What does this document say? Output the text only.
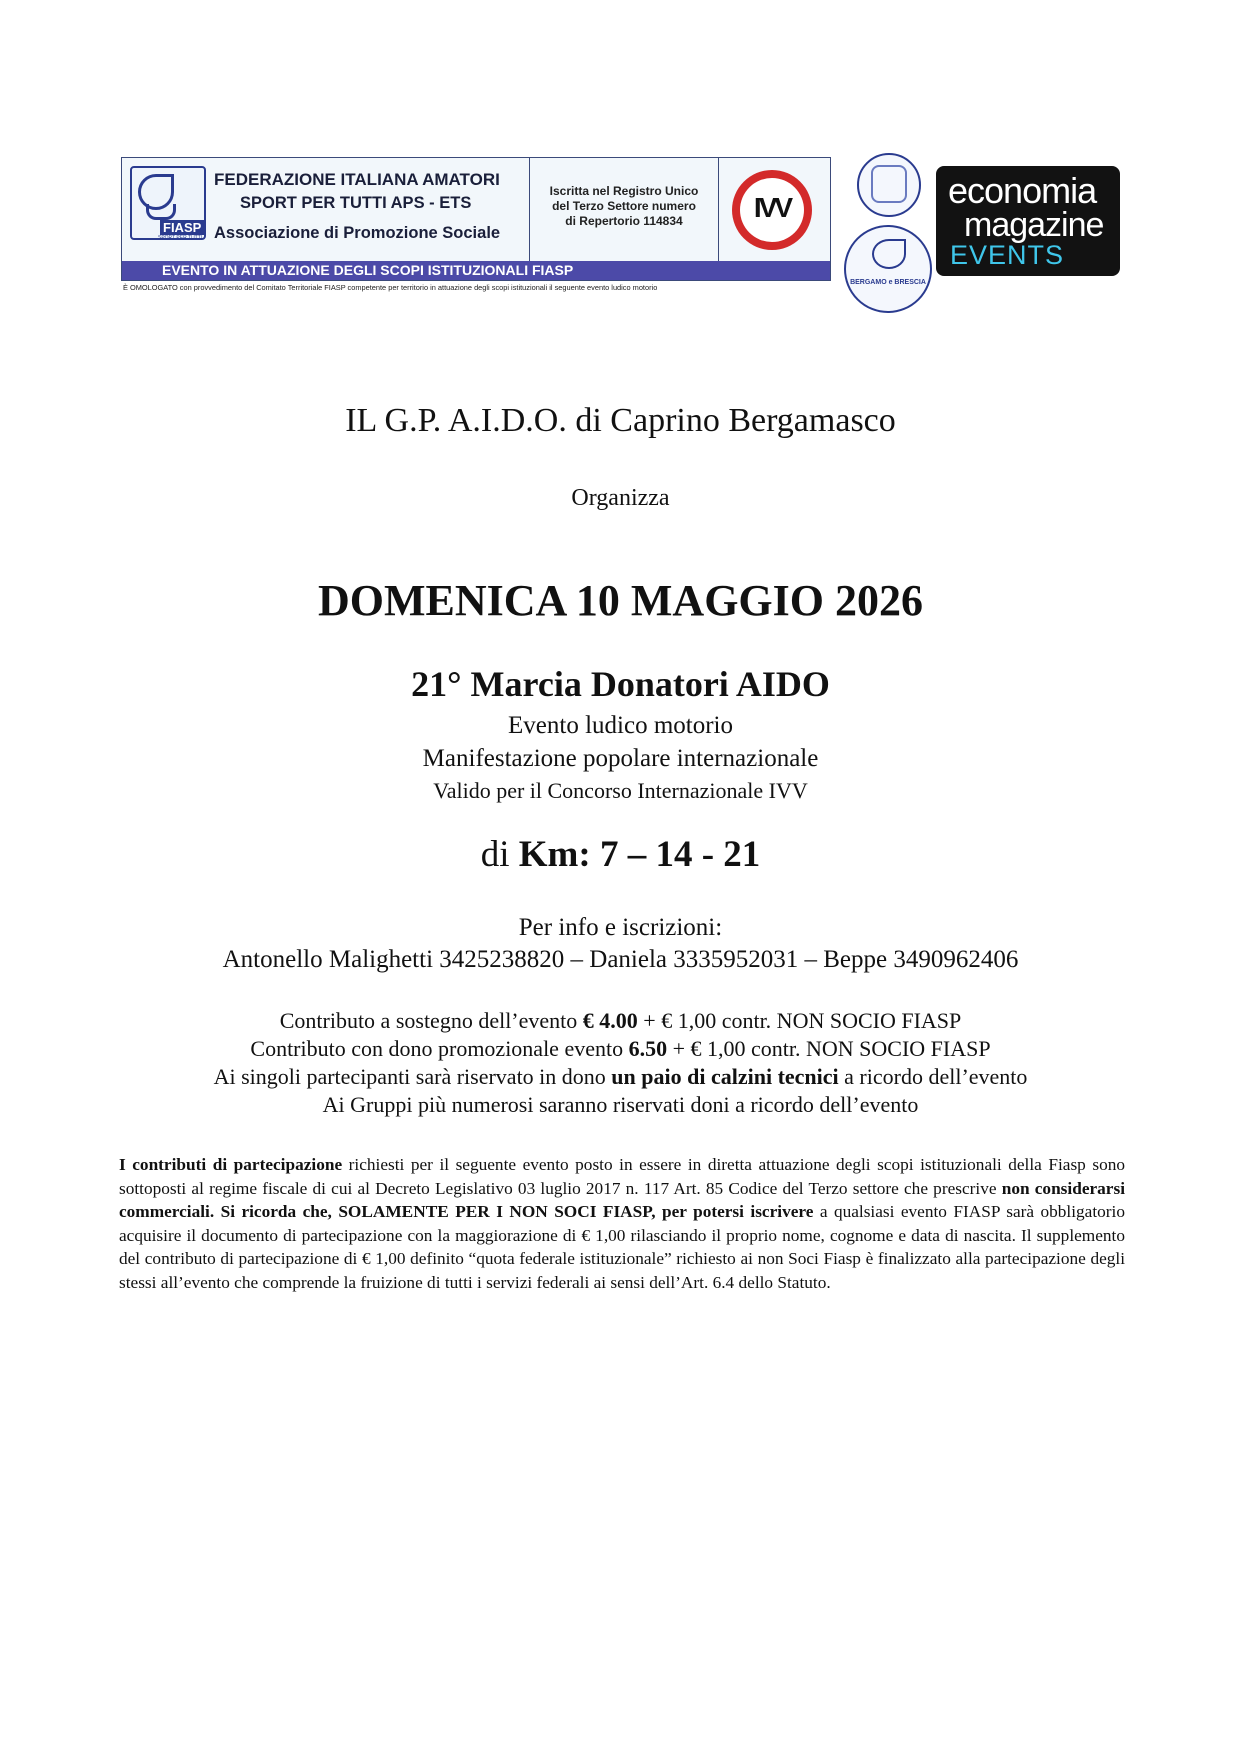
FIASP
SPORT PER TUTTI
FEDERAZIONE ITALIANA AMATORI
SPORT PER TUTTI APS - ETS
Associazione di Promozione Sociale
Iscritta nel Registro Unico
del Terzo Settore numero
di Repertorio 114834	IVV
EVENTO IN ATTUAZIONE DEGLI SCOPI ISTITUZIONALI FIASP
È OMOLOGATO con provvedimento del Comitato Territoriale FIASP competente per territorio in attuazione degli scopi istituzionali il seguente evento ludico motorio
BERGAMO e BRESCIA
economia
magazine
EVENTS
IL G.P. A.I.D.O. di Caprino Bergamasco
Organizza
DOMENICA 10 MAGGIO 2026
21° Marcia Donatori AIDO
Evento ludico motorio
Manifestazione popolare internazionale
Valido per il Concorso Internazionale IVV
di Km: 7 – 14 - 21
Per info e iscrizioni:
Antonello Malighetti 3425238820 – Daniela 3335952031 – Beppe 3490962406
Contributo a sostegno dell’evento € 4.00 + € 1,00 contr. NON SOCIO FIASP
Contributo con dono promozionale evento 6.50 + € 1,00 contr. NON SOCIO FIASP
Ai singoli partecipanti sarà riservato in dono un paio di calzini tecnici a ricordo dell’evento
Ai Gruppi più numerosi saranno riservati doni a ricordo dell’evento
I contributi di partecipazione richiesti per il seguente evento posto in essere in diretta attuazione degli scopi istituzionali della Fiasp sono sottoposti al regime fiscale di cui al Decreto Legislativo 03 luglio 2017 n. 117 Art. 85 Codice del Terzo settore che prescrive non considerarsi commerciali. Si ricorda che, SOLAMENTE PER I NON SOCI FIASP, per potersi iscrivere a qualsiasi evento FIASP sarà obbligatorio acquisire il documento di partecipazione con la maggiorazione di € 1,00 rilasciando il proprio nome, cognome e data di nascita. Il supplemento del contributo di partecipazione di € 1,00 definito “quota federale istituzionale” richiesto ai non Soci Fiasp è finalizzato alla partecipazione degli stessi all’evento che comprende la fruizione di tutti i servizi federali ai sensi dell’Art. 6.4 dello Statuto.
